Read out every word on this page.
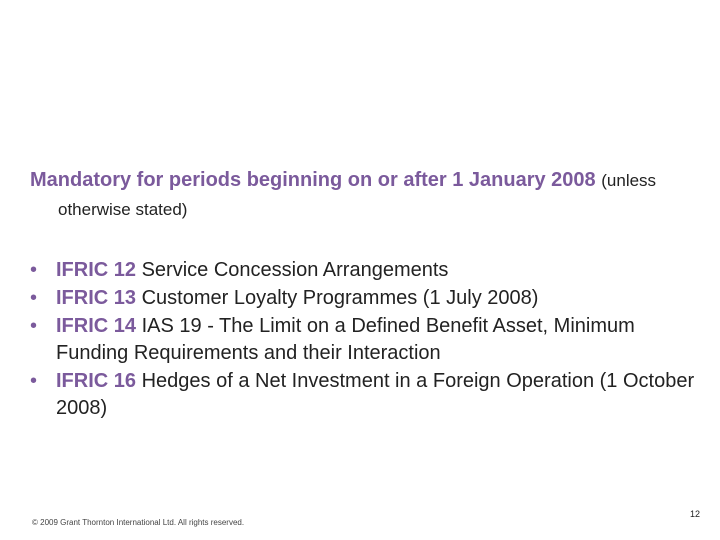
Mandatory for periods beginning on or after 1 January 2008 (unless otherwise stated)
• IFRIC 12 Service Concession Arrangements
• IFRIC 13 Customer Loyalty Programmes (1 July 2008)
• IFRIC 14 IAS 19 - The Limit on a Defined Benefit Asset, Minimum Funding Requirements and their Interaction
• IFRIC 16 Hedges of a Net Investment in a Foreign Operation (1 October 2008)
© 2009 Grant Thornton International Ltd. All rights reserved.
12
